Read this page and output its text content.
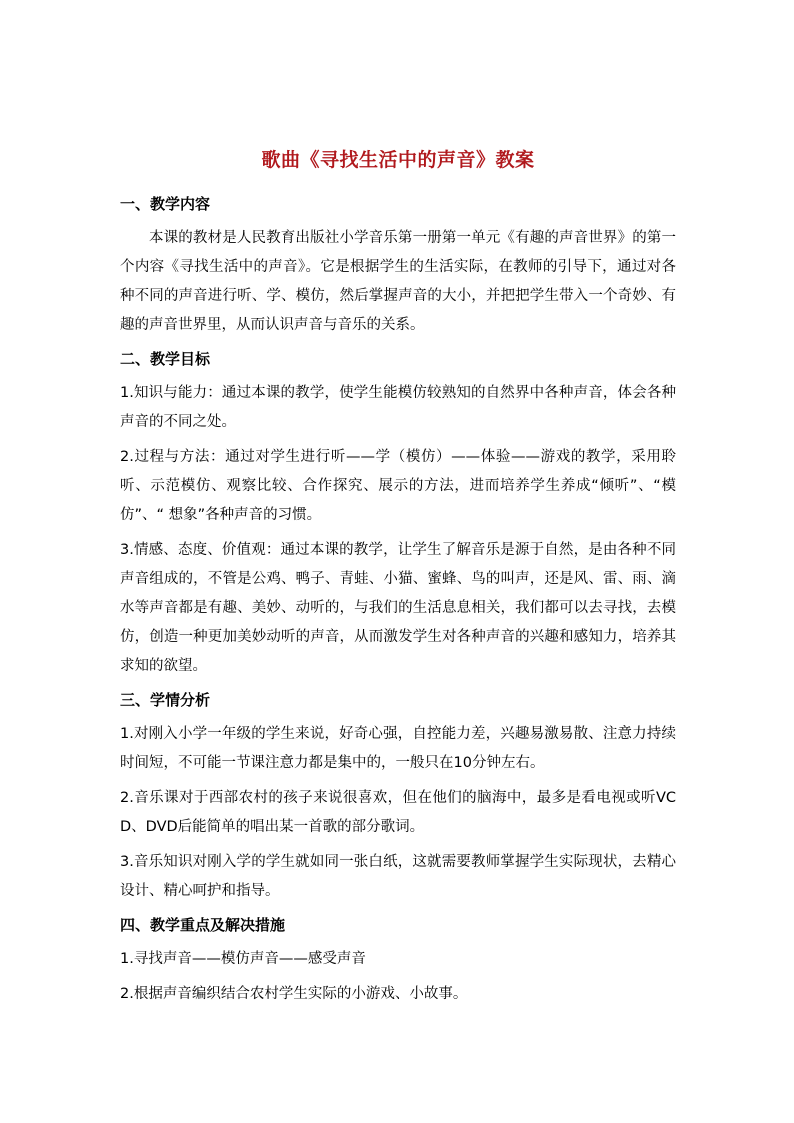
歌曲《寻找生活中的声音》教案
一、教学内容

本课的教材是人民教育出版社小学音乐第一册第一单元《有趣的声音世界》的第一个内容《寻找生活中的声音》。它是根据学生的生活实际，在教师的引导下，通过对各种不同的声音进行听、学、模仿，然后掌握声音的大小，并把把学生带入一个奇妙、有趣的声音世界里，从而认识声音与音乐的关系。

二、教学目标

1.知识与能力：通过本课的教学，使学生能模仿较熟知的自然界中各种声音，体会各种声音的不同之处。

2.过程与方法：通过对学生进行听——学（模仿）——体验——游戏的教学，采用聆听、示范模仿、观察比较、合作探究、展示的方法，进而培养学生养成“倾听”、“模仿”、“ 想象”各种声音的习惯。

3.情感、态度、价值观：通过本课的教学，让学生了解音乐是源于自然，是由各种不同声音组成的，不管是公鸡、鸭子、青蛙、小猫、蜜蜂、鸟的叫声，还是风、雷、雨、滴水等声音都是有趣、美妙、动听的，与我们的生活息息相关，我们都可以去寻找，去模仿，创造一种更加美妙动听的声音，从而激发学生对各种声音的兴趣和感知力，培养其求知的欲望。

三、学情分析

1.对刚入小学一年级的学生来说，好奇心强，自控能力差，兴趣易激易散、注意力持续时间短，不可能一节课注意力都是集中的，一般只在10分钟左右。

2.音乐课对于西部农村的孩子来说很喜欢，但在他们的脑海中，最多是看电视或听VCD、DVD后能简单的唱出某一首歌的部分歌词。

3.音乐知识对刚入学的学生就如同一张白纸，这就需要教师掌握学生实际现状，去精心设计、精心呵护和指导。

四、教学重点及解决措施

1.寻找声音——模仿声音——感受声音

2.根据声音编织结合农村学生实际的小游戏、小故事。
